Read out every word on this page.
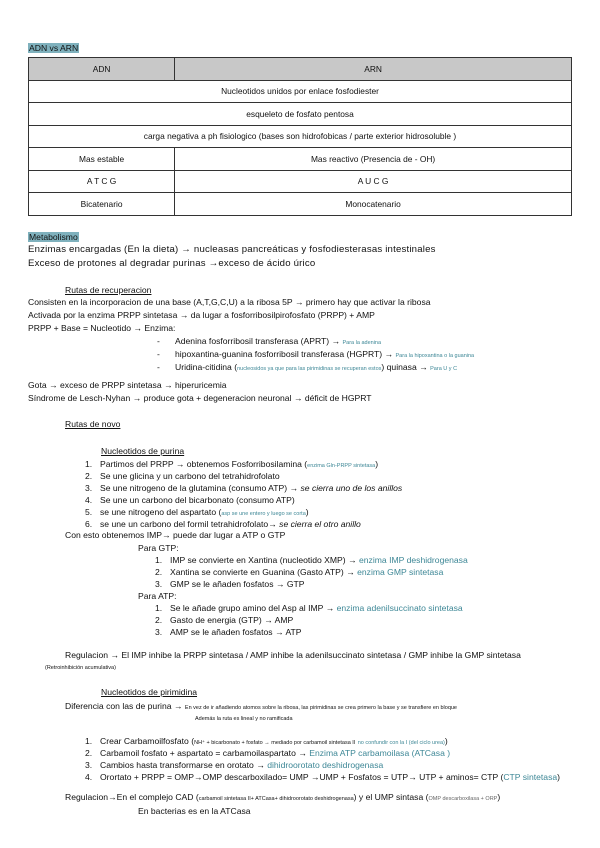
ADN vs ARN
ADN	ARN
Nucleotidos unidos por enlace fosfodiester	
esqueleto de fosfato pentosa	
carga negativa a ph fisiologico (bases son hidrofobicas / parte exterior hidrosoluble )	
Mas estable	Mas reactivo (Presencia de - OH)
A T C G	A U C G
Bicatenario	Monocatenario
Metabolismo
Enzimas encargadas (En la dieta) → nucleasas pancreáticas y fosfodiesterasas intestinales
Exceso de protones al degradar purinas →exceso de ácido úrico
Rutas de recuperacion
Consisten en la incorporacion de una base (A,T,G,C,U) a la ribosa 5P → primero hay que activar la ribosa
Activada por la enzima PRPP sintetasa → da lugar a fosforribosilpirofosfato (PRPP) + AMP
PRPP + Base = Nucleotido → Enzima:
- Adenina fosforribosil transferasa (APRT) → Para la adenina
- hipoxantina-guanina fosforribosil transferasa (HGPRT) → Para la hipoxantina o la guanina
- Uridina-citidina (nucleosidos ya que para las pirimidinas se recuperan estos) quinasa → Para U y C
Gota → exceso de PRPP sintetasa → hiperuricemia
Síndrome de Lesch-Nyhan → produce gota + degeneracion neuronal → déficit de HGPRT
Rutas de novo
Nucleotidos de purina
Con esto obtenemos IMP→ puede dar lugar a ATP o GTP
Para GTP:
Para ATP:
Regulacion → El IMP inhibe la PRPP sintetasa / AMP inhibe la adenilsuccinato sintetasa / GMP inhibe la GMP sintetasa
(Retroinhibición acumulativa)
Nucleotidos de pirimidina
Diferencia con las de purina → En vez de ir añadiendo atomos sobre la ribosa, las pirimidinas se crea primero la base y se transfiere en bloque
Además la ruta es lineal y no ramificada
Regulacion→En el complejo CAD (carbamoil sintetasa II+ ATCasa+ dihidroorotato deshidrogenasa) y el UMP sintasa (OMP descarboxilasa + ORP)
En bacterias es en la ATCasa
1. Partimos del PRPP → obtenemos Fosforribosilamina (enzima Gln-PRPP sintetasa)
2. Se une glicina y un carbono del tetrahidrofolato
3. Se une nitrogeno de la glutamina (consumo ATP) → se cierra uno de los anillos
4. Se une un carbono del bicarbonato (consumo ATP)
5. se une nitrogeno del aspartato (asp se une entero y luego se corta)
6. se une un carbono del formil tetrahidrofolato→ se cierra el otro anillo
1. IMP se convierte en Xantina (nucleotido XMP) → enzima IMP deshidrogenasa
2. Xantina se convierte en Guanina (Gasto ATP) → enzima GMP sintetasa
3. GMP se le añaden fosfatos → GTP
1. Se le añade grupo amino del Asp al IMP → enzima adenilsuccinato sintetasa
2. Gasto de energia (GTP) → AMP
3. AMP se le añaden fosfatos → ATP
1. Crear Carbamoilfosfato (NH⁺ + bicarbonato + fosfato → mediado por carbamoil sintetasa II no confundir con la I (del ciclo urea))
2. Carbamoil fosfato + aspartato = carbamoilaspartato → Enzima ATP carbamoilasa (ATCasa )
3. Cambios hasta transformarse en orotato → dihidroorotato deshidrogenasa
4. Orortato + PRPP = OMP→OMP descarboxilado= UMP →UMP + Fosfatos = UTP→ UTP + aminos= CTP (CTP sintetasa)
